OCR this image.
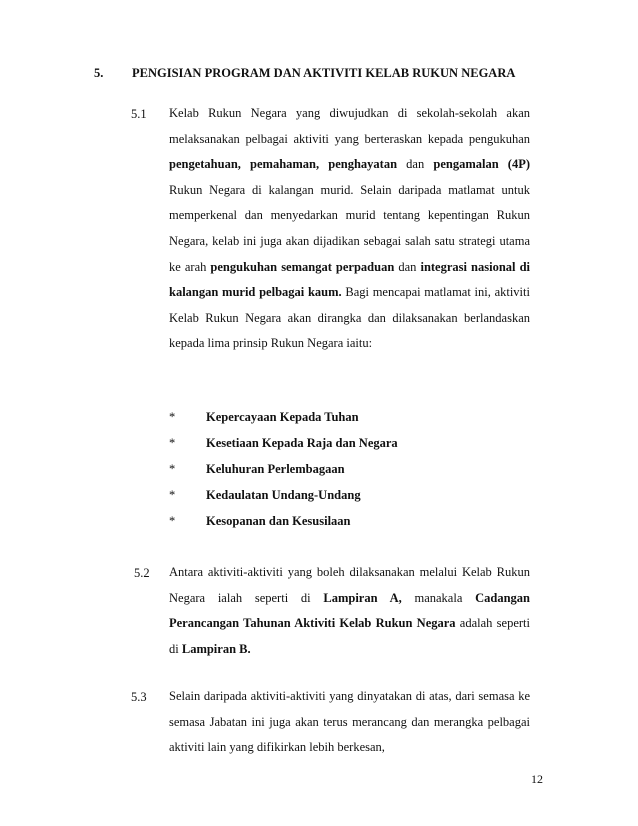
5. PENGISIAN PROGRAM DAN AKTIVITI KELAB RUKUN NEGARA
5.1 Kelab Rukun Negara yang diwujudkan di sekolah-sekolah akan melaksanakan pelbagai aktiviti yang berteraskan kepada pengukuhan pengetahuan, pemahaman, penghayatan dan pengamalan (4P) Rukun Negara di kalangan murid. Selain daripada matlamat untuk memperkenal dan menyedarkan murid tentang kepentingan Rukun Negara, kelab ini juga akan dijadikan sebagai salah satu strategi utama ke arah pengukuhan semangat perpaduan dan integrasi nasional di kalangan murid pelbagai kaum. Bagi mencapai matlamat ini, aktiviti Kelab Rukun Negara akan dirangka dan dilaksanakan berlandaskan kepada lima prinsip Rukun Negara iaitu:
* Kepercayaan Kepada Tuhan
* Kesetiaan Kepada Raja dan Negara
* Keluhuran Perlembagaan
* Kedaulatan Undang-Undang
* Kesopanan dan Kesusilaan
5.2 Antara aktiviti-aktiviti yang boleh dilaksanakan melalui Kelab Rukun Negara ialah seperti di Lampiran A, manakala Cadangan Perancangan Tahunan Aktiviti Kelab Rukun Negara adalah seperti di Lampiran B.
5.3 Selain daripada aktiviti-aktiviti yang dinyatakan di atas, dari semasa ke semasa Jabatan ini juga akan terus merancang dan merangka pelbagai aktiviti lain yang difikirkan lebih berkesan,
12
